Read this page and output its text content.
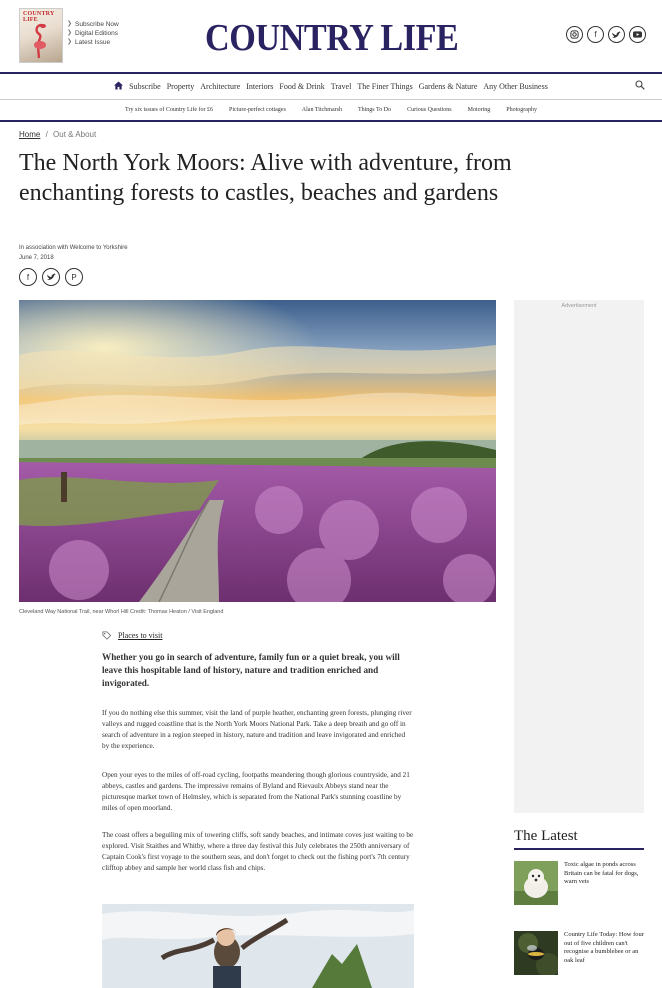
COUNTRY LIFE
❯ Subscribe Now
❯ Digital Editions
❯ Latest Issue COUNTRY LIFE	f
Subscribe Property Architecture Interiors Food & Drink Travel The Finer Things Gardens & Nature Any Other Business
Try six issues of Country Life for £6	Picture-perfect cottages	Alan Titchmarsh	Things To Do	Curious Questions	Motoring	Photography
Home / Out & About
The North York Moors: Alive with adventure, from enchanting forests to castles, beaches and gardens
In association with Welcome to Yorkshire
June 7, 2018
f	P
Cleveland Way National Trail, near Whorl Hill Credit: Thomas Heaton / Visit England
Advertisement
The Latest
Toxic algae in ponds across Britain can be fatal for dogs, warn vets
Country Life Today: How four out of five children can't recognise a bumblebee or an oak leaf
Places to visit

Whether you go in search of adventure, family fun or a quiet break, you will leave this hospitable land of history, nature and tradition enriched and invigorated.

If you do nothing else this summer, visit the land of purple heather, enchanting green forests, plunging river valleys and rugged coastline that is the North York Moors National Park. Take a deep breath and go off in search of adventure in a region steeped in history, nature and tradition and leave invigorated and enriched by the experience.

Open your eyes to the miles of off-road cycling, footpaths meandering though glorious countryside, and 21 abbeys, castles and gardens. The impressive remains of Byland and Rievaulx Abbeys stand near the picturesque market town of Helmsley, which is separated from the National Park's stunning coastline by miles of open moorland.

The coast offers a beguiling mix of towering cliffs, soft sandy beaches, and intimate coves just waiting to be explored. Visit Staithes and Whitby, where a three day festival this July celebrates the 250th anniversary of Captain Cook's first voyage to the southern seas, and don't forget to check out the fishing port's 7th century clifftop abbey and sample her world class fish and chips.
